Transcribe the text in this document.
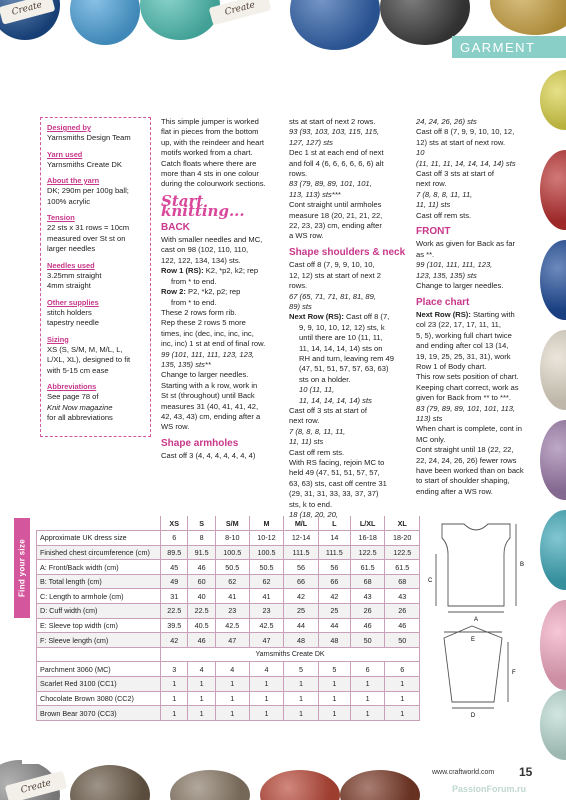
Create
Create
Create
GARMENT
Designed by
Yarnsmiths Design Team
Yarn used
Yarnsmiths Create DK
About the yarn
DK; 290m per 100g ball;
100% acrylic
Tension
22 sts x 31 rows = 10cm
measured over St st on
larger needles
Needles used
3.25mm straight
4mm straight
Other supplies
stitch holders
tapestry needle
Sizing
XS (S, S/M, M, M/L, L,
L/XL, XL), designed to fit
with 5-15 cm ease
Abbreviations
See page 78 of
Knit Now magazine
for all abbreviations
This simple jumper is worked
flat in pieces from the bottom
up, with the reindeer and heart
motifs worked from a chart.
Catch floats where there are
more than 4 sts in one colour
during the colourwork sections.
Start knitting...
BACK
With smaller needles and MC,
cast on 98 (102, 110, 110,
122, 122, 134, 134) sts.
Row 1 (RS): K2, *p2, k2; rep
from * to end.
Row 2: P2, *k2, p2; rep
from * to end.
These 2 rows form rib.
Rep these 2 rows 5 more
times, inc (dec, inc, inc, inc,
inc, inc) 1 st at end of final row.
99 (101, 111, 111, 123, 123,
135, 135) sts**
Change to larger needles.
Starting with a k row, work in
St st (throughout) until Back
measures 31 (40, 41, 41, 42,
42, 43, 43) cm, ending after a
WS row.
Shape armholes
Cast off 3 (4, 4, 4, 4, 4, 4, 4)
sts at start of next 2 rows.
93 (93, 103, 103, 115, 115,
127, 127) sts
Dec 1 st at each end of next
and foll 4 (6, 6, 6, 6, 6, 6) alt
rows.
83 (79, 89, 89, 101, 101,
113, 113) sts***
Cont straight until armholes
measure 18 (20, 21, 21, 22,
22, 23, 23) cm, ending after
a WS row.
Shape shoulders & neck
Cast off 8 (7, 9, 9, 10, 10,
12, 12) sts at start of next 2
rows.
67 (65, 71, 71, 81, 81, 89,
89) sts
Next Row (RS): Cast off 8 (7,
9, 9, 10, 10, 12, 12) sts, k
until there are 10 (11, 11,
11, 14, 14, 14, 14) sts on
RH and turn, leaving rem 49
(47, 51, 51, 57, 57, 63, 63)
sts on a holder.
10 (11, 11,
11, 14, 14, 14, 14) sts
Cast off 3 sts at start of
next row.
7 (8, 8, 8, 11, 11,
11, 11) sts
Cast off rem sts.
With RS facing, rejoin MC to
held 49 (47, 51, 51, 57, 57,
63, 63) sts, cast off centre 31
(29, 31, 31, 33, 33, 37, 37)
sts, k to end.
18 (18, 20, 20,
24, 24, 26, 26) sts
Cast off 8 (7, 9, 9, 10, 10, 12,
12) sts at start of next row.
10
(11, 11, 11, 14, 14, 14, 14) sts
Cast off 3 sts at start of
next row.
7 (8, 8, 8, 11, 11,
11, 11) sts
Cast off rem sts.
FRONT
Work as given for Back as far
as **.
99 (101, 111, 111, 123,
123, 135, 135) sts
Change to larger needles.
Place chart
Next Row (RS): Starting with
col 23 (22, 17, 17, 11, 11,
5, 5), working full chart twice
and ending after col 13 (14,
19, 19, 25, 25, 31, 31), work
Row 1 of Body chart.
This row sets position of chart.
Keeping chart correct, work as
given for Back from ** to ***.
83 (79, 89, 89, 101, 101, 113,
113) sts
When chart is complete, cont in
MC only.
Cont straight until 18 (22, 22,
22, 24, 24, 26, 26) fewer rows
have been worked than on back
to start of shoulder shaping,
ending after a WS row.
Find your size
	XS	S	S/M	M	M/L	L	L/XL	XL
Approximate UK dress size	6	8	8-10	10-12	12-14	14	16-18	18-20
Finished chest circumference (cm)	89.5	91.5	100.5	100.5	111.5	111.5	122.5	122.5
A: Front/Back width (cm)	45	46	50.5	50.5	56	56	61.5	61.5
B: Total length (cm)	49	60	62	62	66	66	68	68
C: Length to armhole (cm)	31	40	41	41	42	42	43	43
D: Cuff width (cm)	22.5	22.5	23	23	25	25	26	26
E: Sleeve top width (cm)	39.5	40.5	42.5	42.5	44	44	46	46
F: Sleeve length (cm)	42	46	47	47	48	48	50	50
	Yarnsmiths Create DK							
Parchment 3060 (MC)	3	4	4	4	5	5	6	6
Scarlet Red 3100 (CC1)	1	1	1	1	1	1	1	1
Chocolate Brown 3080 (CC2)	1	1	1	1	1	1	1	1
Brown Bear 3070 (CC3)	1	1	1	1	1	1	1	1
A
B
C
D
E
F
www.craftworld.com 15
PassionForum.ru
